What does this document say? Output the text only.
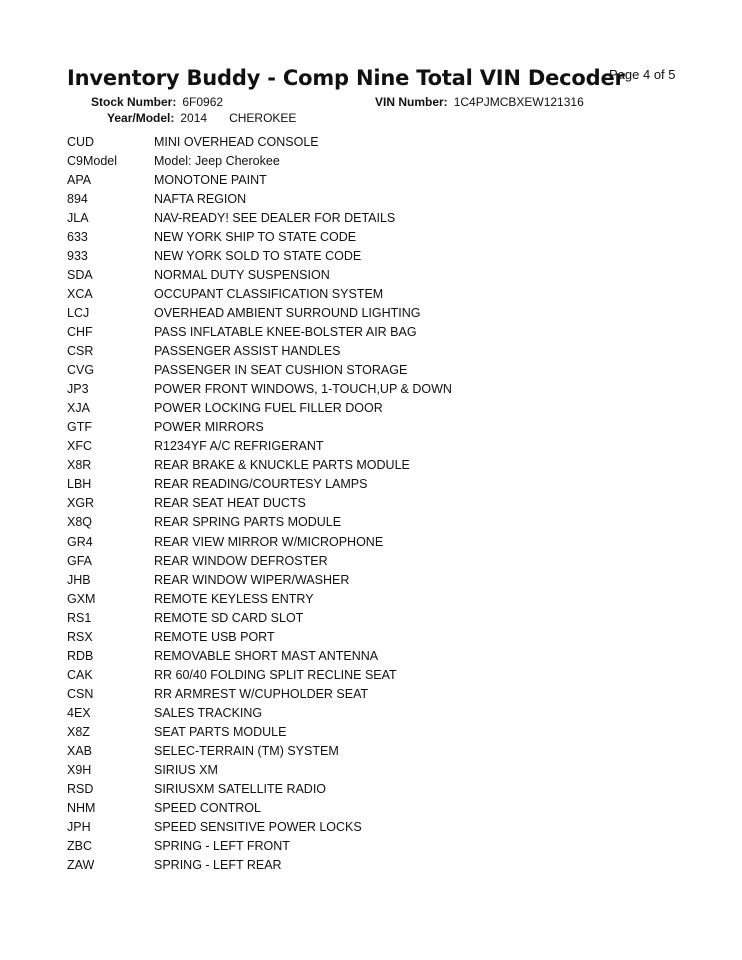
Inventory Buddy - Comp Nine Total VIN Decoder
Page 4 of 5
Stock Number: 6F0962	VIN Number: 1C4PJMCBXEW121316
Year/Model: 2014 CHEROKEE
CUD	MINI OVERHEAD CONSOLE
C9Model	Model: Jeep Cherokee
APA	MONOTONE PAINT
894	NAFTA REGION
JLA	NAV-READY! SEE DEALER FOR DETAILS
633	NEW YORK SHIP TO STATE CODE
933	NEW YORK SOLD TO STATE CODE
SDA	NORMAL DUTY SUSPENSION
XCA	OCCUPANT CLASSIFICATION SYSTEM
LCJ	OVERHEAD AMBIENT SURROUND LIGHTING
CHF	PASS INFLATABLE KNEE-BOLSTER AIR BAG
CSR	PASSENGER ASSIST HANDLES
CVG	PASSENGER IN SEAT CUSHION STORAGE
JP3	POWER FRONT WINDOWS, 1-TOUCH,UP & DOWN
XJA	POWER LOCKING FUEL FILLER DOOR
GTF	POWER MIRRORS
XFC	R1234YF A/C REFRIGERANT
X8R	REAR BRAKE & KNUCKLE PARTS MODULE
LBH	REAR READING/COURTESY LAMPS
XGR	REAR SEAT HEAT DUCTS
X8Q	REAR SPRING PARTS MODULE
GR4	REAR VIEW MIRROR W/MICROPHONE
GFA	REAR WINDOW DEFROSTER
JHB	REAR WINDOW WIPER/WASHER
GXM	REMOTE KEYLESS ENTRY
RS1	REMOTE SD CARD SLOT
RSX	REMOTE USB PORT
RDB	REMOVABLE SHORT MAST ANTENNA
CAK	RR 60/40 FOLDING SPLIT RECLINE SEAT
CSN	RR ARMREST W/CUPHOLDER SEAT
4EX	SALES TRACKING
X8Z	SEAT PARTS MODULE
XAB	SELEC-TERRAIN (TM) SYSTEM
X9H	SIRIUS XM
RSD	SIRIUSXM SATELLITE RADIO
NHM	SPEED CONTROL
JPH	SPEED SENSITIVE POWER LOCKS
ZBC	SPRING - LEFT FRONT
ZAW	SPRING - LEFT REAR
